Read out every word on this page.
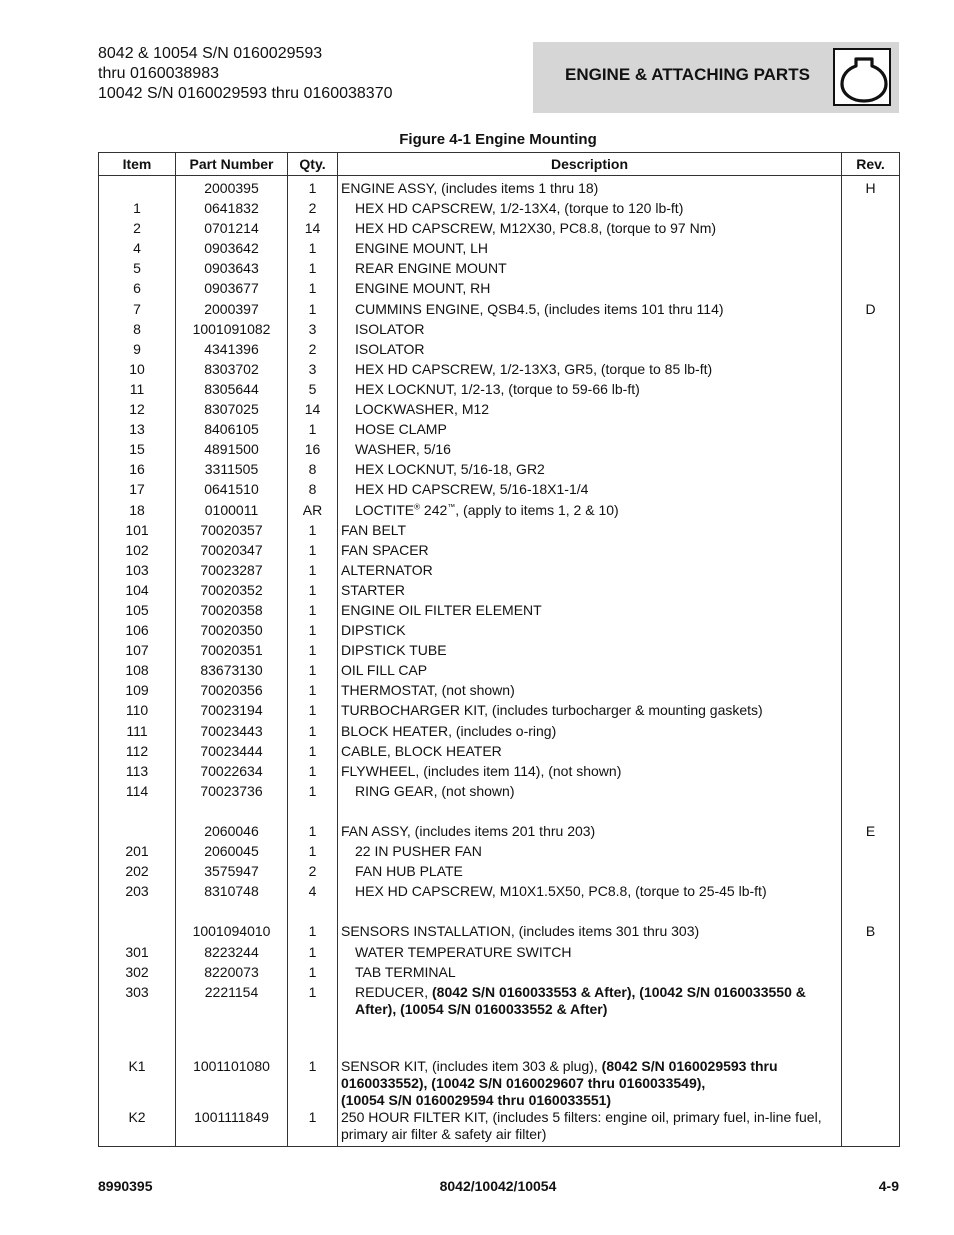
8042 & 10054 S/N 0160029593
thru 0160038983
10042 S/N 0160029593 thru 0160038370
ENGINE & ATTACHING PARTS
Figure 4-1 Engine Mounting
Item	Part Number	Qty.	Description	Rev.
	2000395	1	ENGINE ASSY, (includes items 1 thru 18)	H
1	0641832	2	HEX HD CAPSCREW, 1/2-13X4, (torque to 120 lb-ft)	
2	0701214	14	HEX HD CAPSCREW, M12X30, PC8.8, (torque to 97 Nm)	
4	0903642	1	ENGINE MOUNT, LH	
5	0903643	1	REAR ENGINE MOUNT	
6	0903677	1	ENGINE MOUNT, RH	
7	2000397	1	CUMMINS ENGINE, QSB4.5, (includes items 101 thru 114)	D
8	1001091082	3	ISOLATOR	
9	4341396	2	ISOLATOR	
10	8303702	3	HEX HD CAPSCREW, 1/2-13X3, GR5, (torque to 85 lb-ft)	
11	8305644	5	HEX LOCKNUT, 1/2-13, (torque to 59-66 lb-ft)	
12	8307025	14	LOCKWASHER, M12	
13	8406105	1	HOSE CLAMP	
15	4891500	16	WASHER, 5/16	
16	3311505	8	HEX LOCKNUT, 5/16-18, GR2	
17	0641510	8	HEX HD CAPSCREW, 5/16-18X1-1/4	
18	0100011	AR	LOCTITE® 242™, (apply to items 1, 2 & 10)	
101	70020357	1	FAN BELT	
102	70020347	1	FAN SPACER	
103	70023287	1	ALTERNATOR	
104	70020352	1	STARTER	
105	70020358	1	ENGINE OIL FILTER ELEMENT	
106	70020350	1	DIPSTICK	
107	70020351	1	DIPSTICK TUBE	
108	83673130	1	OIL FILL CAP	
109	70020356	1	THERMOSTAT, (not shown)	
110	70023194	1	TURBOCHARGER KIT, (includes turbocharger & mounting gaskets)	
111	70023443	1	BLOCK HEATER, (includes o-ring)	
112	70023444	1	CABLE, BLOCK HEATER	
113	70022634	1	FLYWHEEL, (includes item 114), (not shown)	
114	70023736	1	RING GEAR, (not shown)	

	2060046	1	FAN ASSY, (includes items 201 thru 203)	E
201	2060045	1	22 IN PUSHER FAN	
202	3575947	2	FAN HUB PLATE	
203	8310748	4	HEX HD CAPSCREW, M10X1.5X50, PC8.8, (torque to 25-45 lb-ft)	

	1001094010	1	SENSORS INSTALLATION, (includes items 301 thru 303)	B
301	8223244	1	WATER TEMPERATURE SWITCH	
302	8220073	1	TAB TERMINAL	
303	2221154	1	REDUCER, (8042 S/N 0160033553 & After), (10042 S/N 0160033550 & After), (10054 S/N 0160033552 & After)	

K1	1001101080	1	SENSOR KIT, (includes item 303 & plug), (8042 S/N 0160029593 thru 0160033552), (10042 S/N 0160029607 thru 0160033549),
(10054 S/N 0160029594 thru 0160033551)	
K2	1001111849	1	250 HOUR FILTER KIT, (includes 5 filters: engine oil, primary fuel, in-line fuel, primary air filter & safety air filter)	
8990395	8042/10042/10054	4-9
